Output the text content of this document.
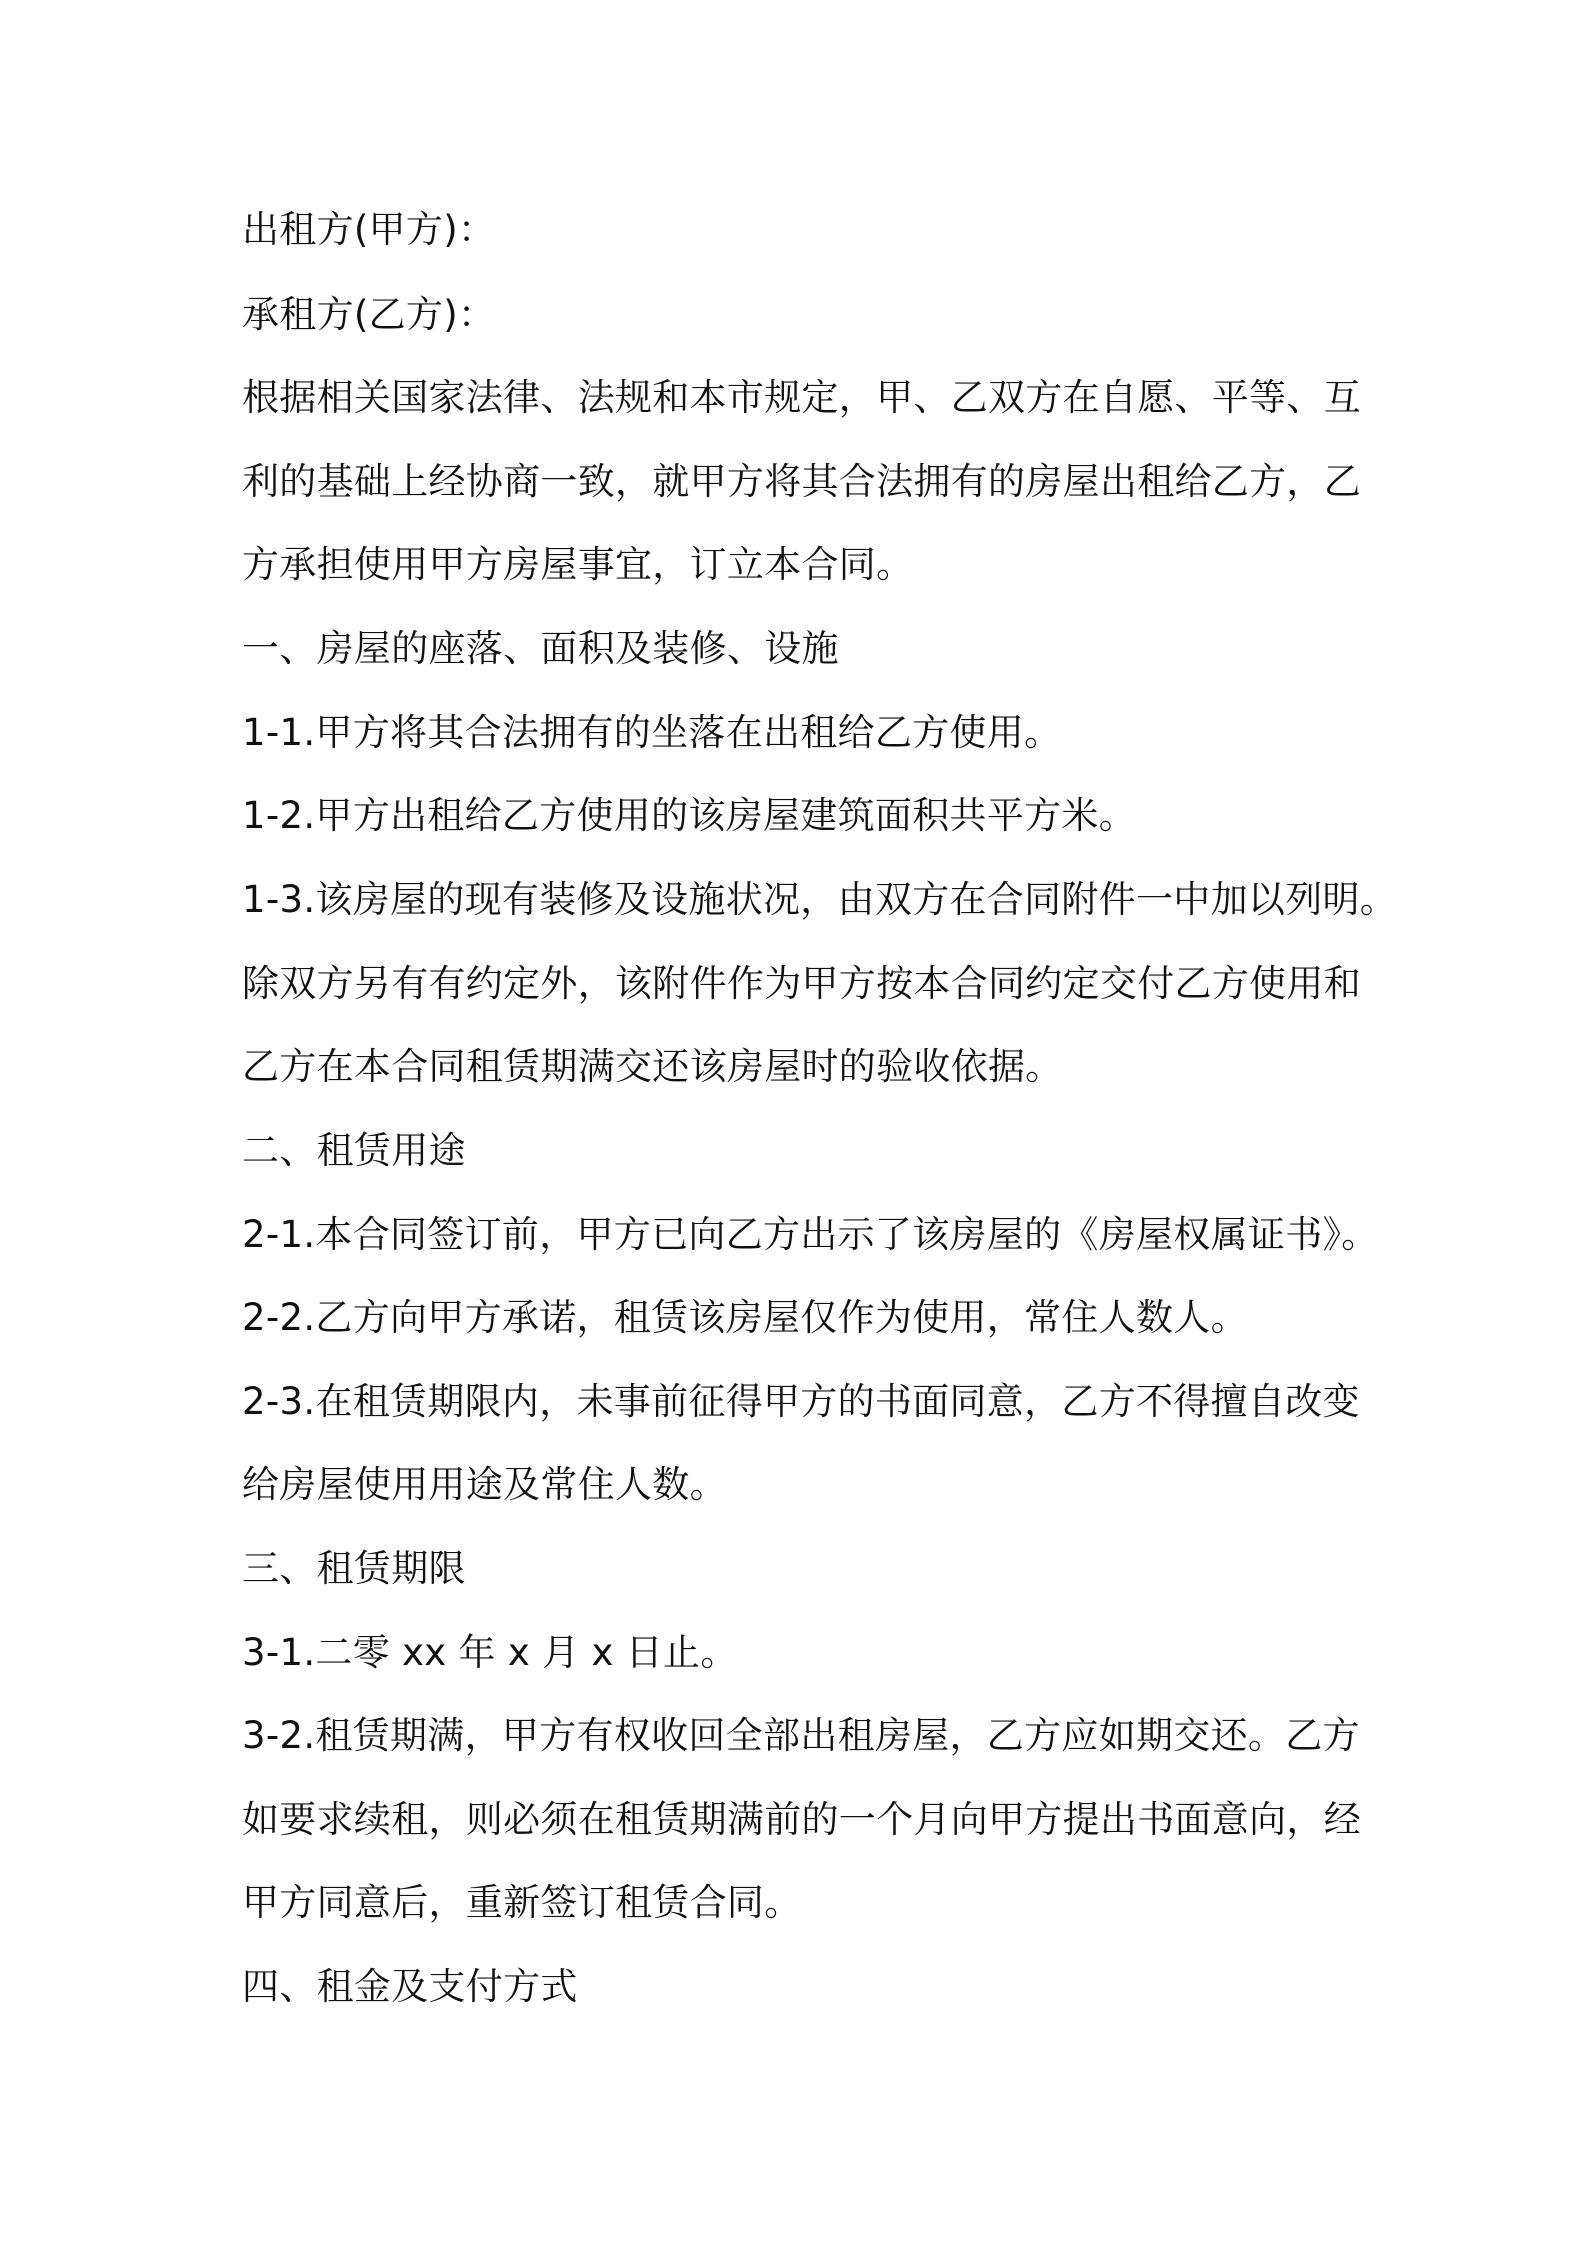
出租方(甲方)：
承租方(乙方)：
根据相关国家法律、法规和本市规定，甲、乙双方在自愿、平等、互
利的基础上经协商一致，就甲方将其合法拥有的房屋出租给乙方，乙
方承担使用甲方房屋事宜，订立本合同。
一、房屋的座落、面积及装修、设施
1-1.甲方将其合法拥有的坐落在出租给乙方使用。
1-2.甲方出租给乙方使用的该房屋建筑面积共平方米。
1-3.该房屋的现有装修及设施状况，由双方在合同附件一中加以列明。
除双方另有有约定外，该附件作为甲方按本合同约定交付乙方使用和
乙方在本合同租赁期满交还该房屋时的验收依据。
二、租赁用途
2-1.本合同签订前，甲方已向乙方出示了该房屋的《房屋权属证书》。
2-2.乙方向甲方承诺，租赁该房屋仅作为使用，常住人数人。
2-3.在租赁期限内，未事前征得甲方的书面同意，乙方不得擅自改变
给房屋使用用途及常住人数。
三、租赁期限
3-1.二零 xx 年 x 月 x 日止。
3-2.租赁期满，甲方有权收回全部出租房屋，乙方应如期交还。乙方
如要求续租，则必须在租赁期满前的一个月向甲方提出书面意向，经
甲方同意后，重新签订租赁合同。
四、租金及支付方式
